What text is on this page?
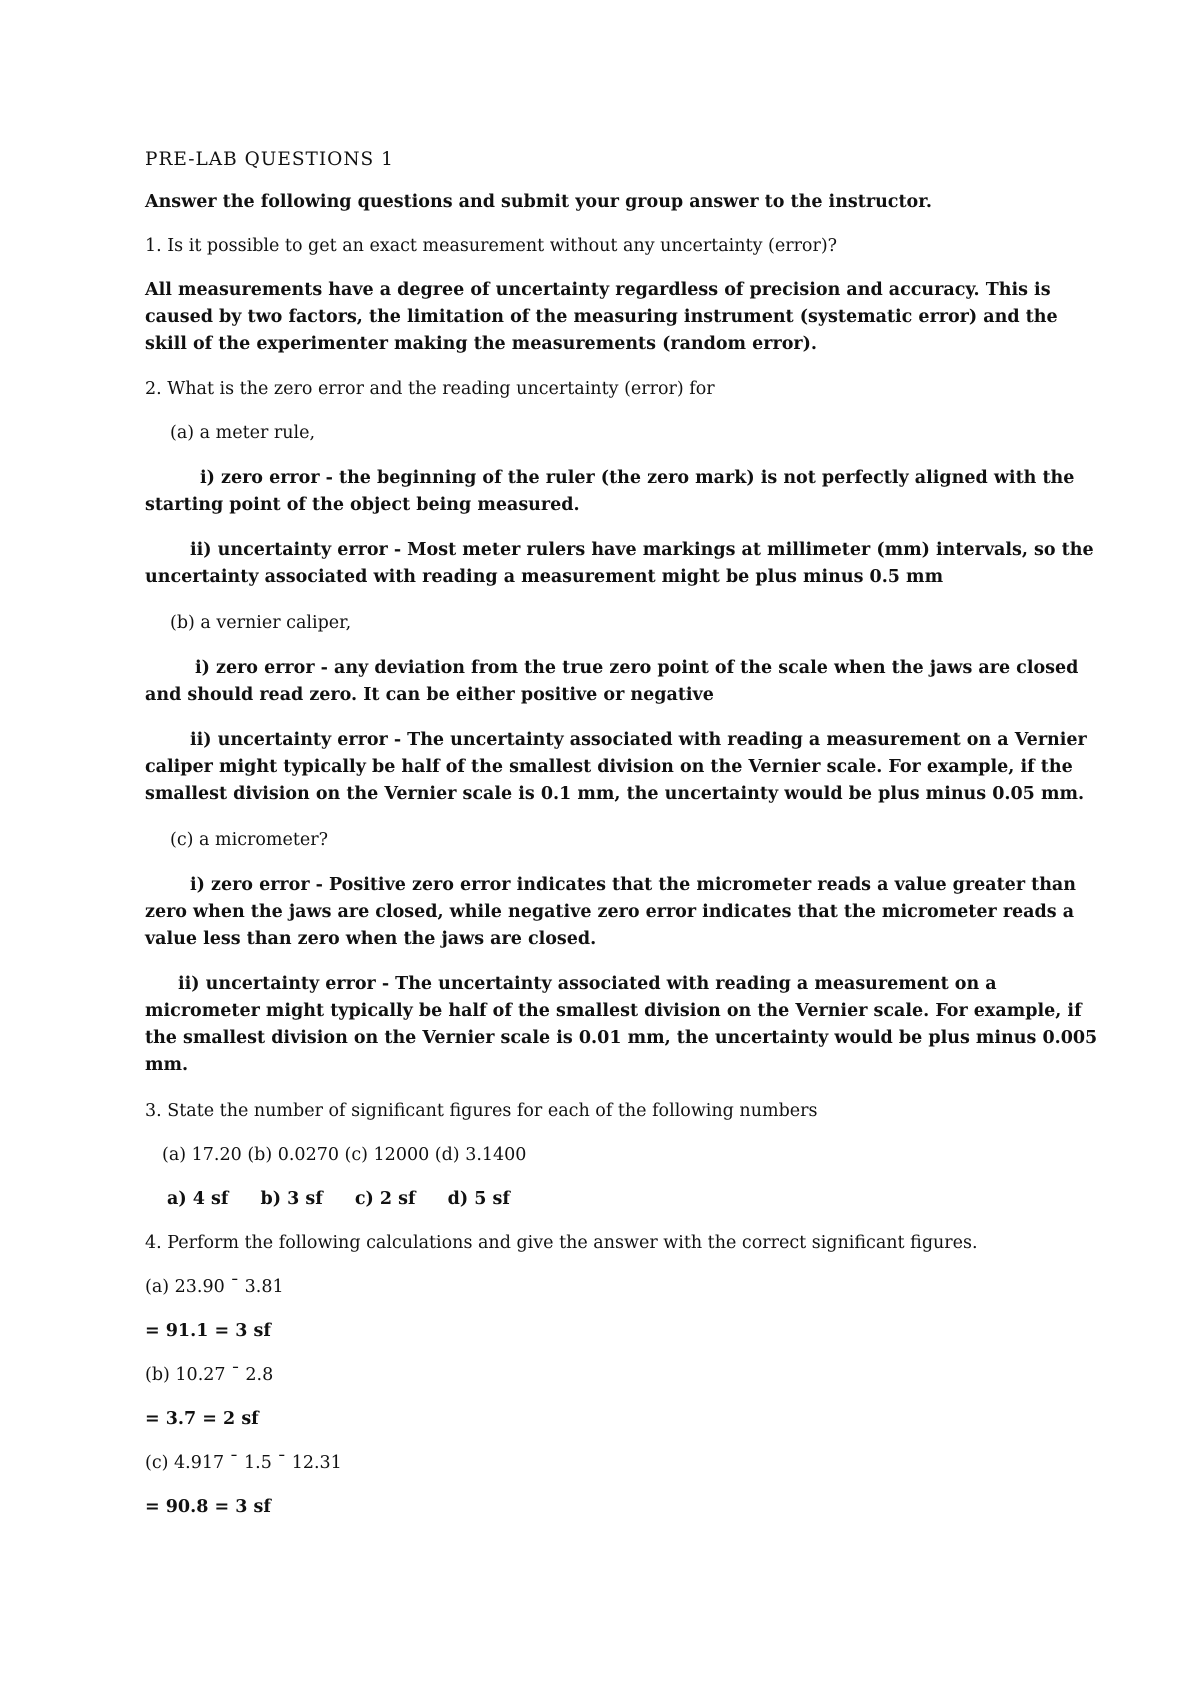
PRE-LAB QUESTIONS 1
Answer the following questions and submit your group answer to the instructor.
1. Is it possible to get an exact measurement without any uncertainty (error)?
All measurements have a degree of uncertainty regardless of precision and accuracy. This is
caused by two factors, the limitation of the measuring instrument (systematic error) and the
skill of the experimenter making the measurements (random error).
2. What is the zero error and the reading uncertainty (error) for
(a) a meter rule,
i) zero error - the beginning of the ruler (the zero mark) is not perfectly aligned with the
starting point of the object being measured.
ii) uncertainty error - Most meter rulers have markings at millimeter (mm) intervals, so the
uncertainty associated with reading a measurement might be plus minus 0.5 mm
(b) a vernier caliper,
i) zero error - any deviation from the true zero point of the scale when the jaws are closed
and should read zero. It can be either positive or negative
ii) uncertainty error - The uncertainty associated with reading a measurement on a Vernier
caliper might typically be half of the smallest division on the Vernier scale. For example, if the
smallest division on the Vernier scale is 0.1 mm, the uncertainty would be plus minus 0.05 mm.
(c) a micrometer?
i) zero error - Positive zero error indicates that the micrometer reads a value greater than
zero when the jaws are closed, while negative zero error indicates that the micrometer reads a
value less than zero when the jaws are closed.
ii) uncertainty error - The uncertainty associated with reading a measurement on a
micrometer might typically be half of the smallest division on the Vernier scale. For example, if
the smallest division on the Vernier scale is 0.01 mm, the uncertainty would be plus minus 0.005
mm.
3. State the number of significant figures for each of the following numbers
(a) 17.20 (b) 0.0270 (c) 12000 (d) 3.1400
a) 4 sf b) 3 sf c) 2 sf d) 5 sf
4. Perform the following calculations and give the answer with the correct significant figures.
(a) 23.90 ¯ 3.81
= 91.1 = 3 sf
(b) 10.27 ¯ 2.8
= 3.7 = 2 sf
(c) 4.917 ¯ 1.5 ¯ 12.31
= 90.8 = 3 sf
